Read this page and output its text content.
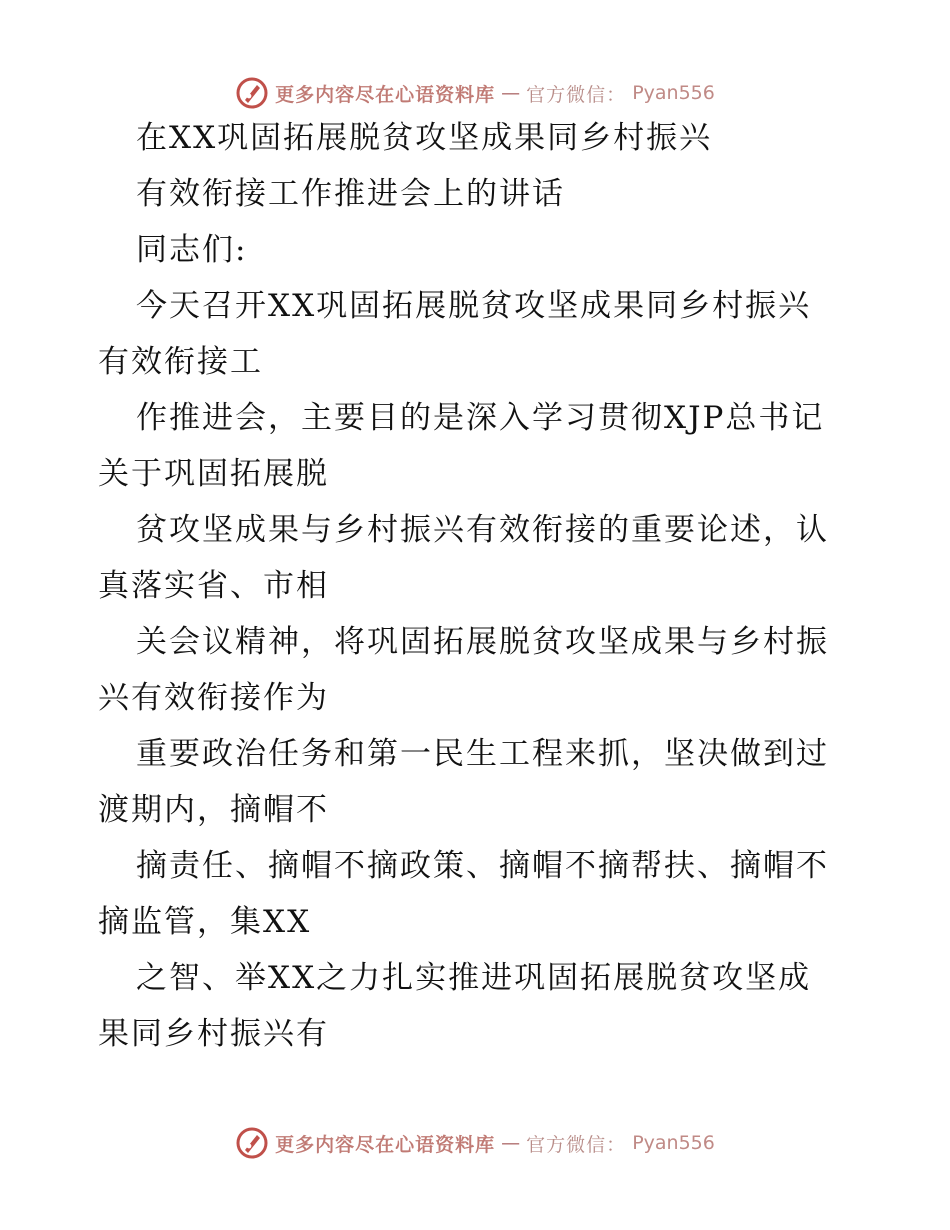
更多内容尽在心语资料库 — 官方微信： Pyan556

在XX巩固拓展脱贫攻坚成果同乡村振兴

有效衔接工作推进会上的讲话

同志们:

今天召开XX巩固拓展脱贫攻坚成果同乡村振兴

有效衔接工

作推进会，主要目的是深入学习贯彻XJP总书记

关于巩固拓展脱

贫攻坚成果与乡村振兴有效衔接的重要论述，认

真落实省、市相

关会议精神，将巩固拓展脱贫攻坚成果与乡村振

兴有效衔接作为

重要政治任务和第一民生工程来抓，坚决做到过

渡期内，摘帽不

摘责任、摘帽不摘政策、摘帽不摘帮扶、摘帽不

摘监管，集XX

之智、举XX之力扎实推进巩固拓展脱贫攻坚成

果同乡村振兴有

更多内容尽在心语资料库 — 官方微信： Pyan556
